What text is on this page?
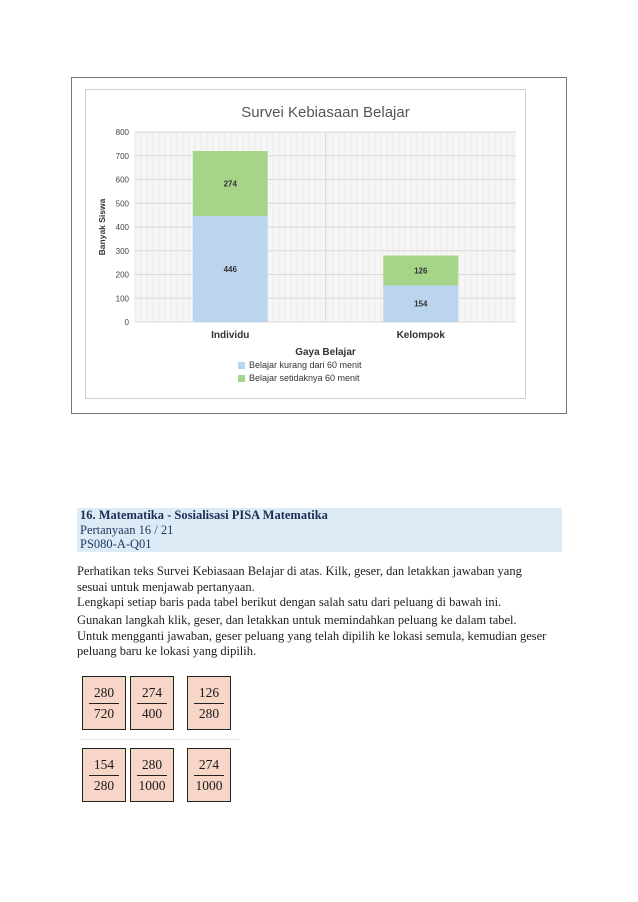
0
100
200
300
400
500
600
700
800
446
274
Individu
154
126
Kelompok
Survei Kebiasaan Belajar
Gaya Belajar
Banyak Siswa
Belajar kurang dari 60 menit
Belajar setidaknya 60 menit
16. Matematika - Sosialisasi PISA Matematika
Pertanyaan 16 / 21
PS080-A-Q01
Perhatikan teks Survei Kebiasaan Belajar di atas. Kilk, geser, dan letakkan jawaban yang
sesuai untuk menjawab pertanyaan.
Lengkapi setiap baris pada tabel berikut dengan salah satu dari peluang di bawah ini.
Gunakan langkah klik, geser, dan letakkan untuk memindahkan peluang ke dalam tabel.
Untuk mengganti jawaban, geser peluang yang telah dipilih ke lokasi semula, kemudian geser
peluang baru ke lokasi yang dipilih.
280
720
274
400
126
280
154
280
280
1000
274
1000
